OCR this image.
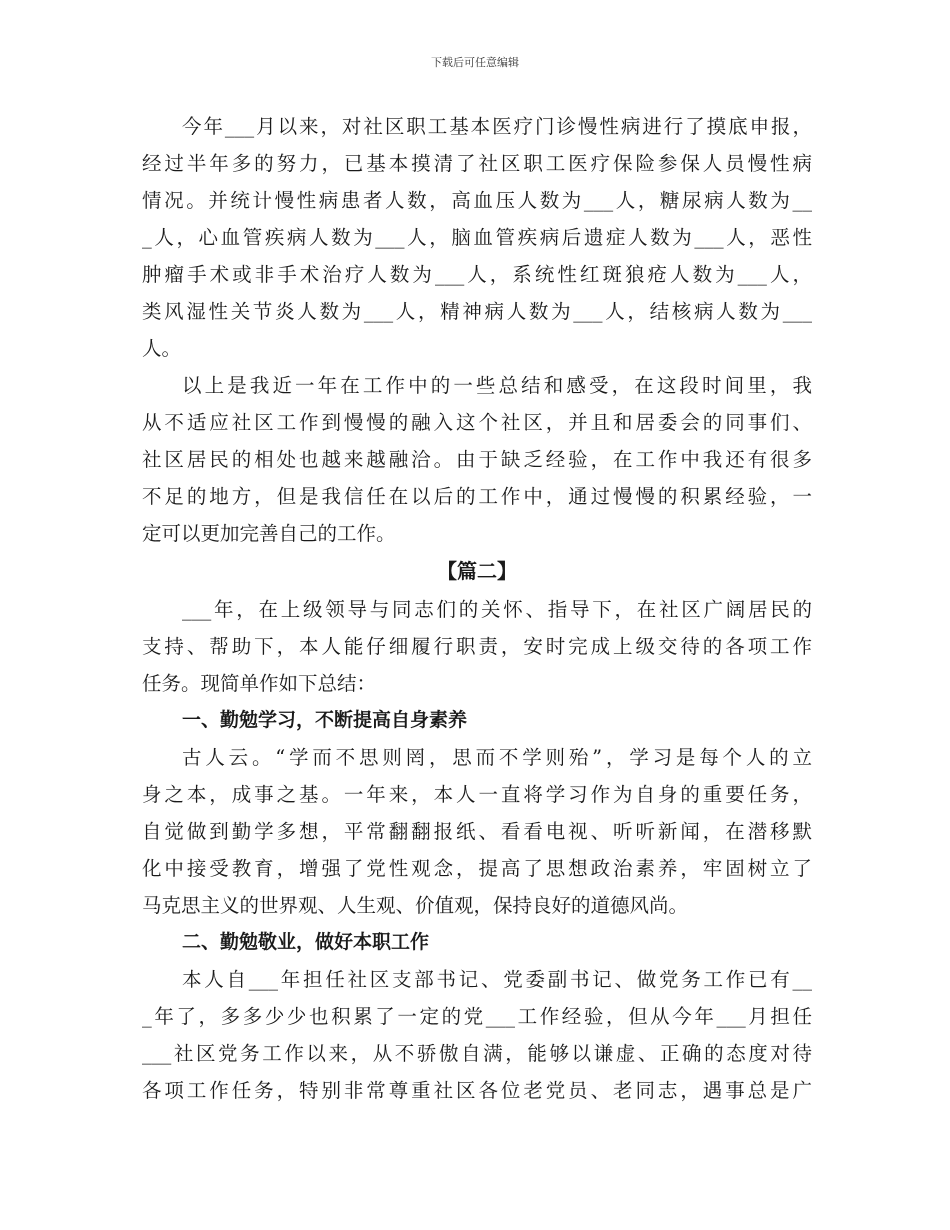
下载后可任意编辑
今年___月以来，对社区职工基本医疗门诊慢性病进行了摸底申报，
经过半年多的努力，已基本摸清了社区职工医疗保险参保人员慢性病
情况。并统计慢性病患者人数，高血压人数为___人，糖尿病人数为__
_人，心血管疾病人数为___人，脑血管疾病后遗症人数为___人，恶性
肿瘤手术或非手术治疗人数为___人，系统性红斑狼疮人数为___人，
类风湿性关节炎人数为___人，精神病人数为___人，结核病人数为___
人。
以上是我近一年在工作中的一些总结和感受，在这段时间里，我
从不适应社区工作到慢慢的融入这个社区，并且和居委会的同事们、
社区居民的相处也越来越融洽。由于缺乏经验，在工作中我还有很多
不足的地方，但是我信任在以后的工作中，通过慢慢的积累经验，一
定可以更加完善自己的工作。
【篇二】
___年，在上级领导与同志们的关怀、指导下，在社区广阔居民的
支持、帮助下，本人能仔细履行职责，安时完成上级交待的各项工作
任务。现简单作如下总结：
一、勤勉学习，不断提高自身素养
古人云。“学而不思则罔，思而不学则殆”，学习是每个人的立
身之本，成事之基。一年来，本人一直将学习作为自身的重要任务，
自觉做到勤学多想，平常翻翻报纸、看看电视、听听新闻，在潜移默
化中接受教育，增强了党性观念，提高了思想政治素养，牢固树立了
马克思主义的世界观、人生观、价值观，保持良好的道德风尚。
二、勤勉敬业，做好本职工作
本人自___年担任社区支部书记、党委副书记、做党务工作已有__
_年了，多多少少也积累了一定的党___工作经验，但从今年___月担任
___社区党务工作以来，从不骄傲自满，能够以谦虚、正确的态度对待
各项工作任务，特别非常尊重社区各位老党员、老同志，遇事总是广
